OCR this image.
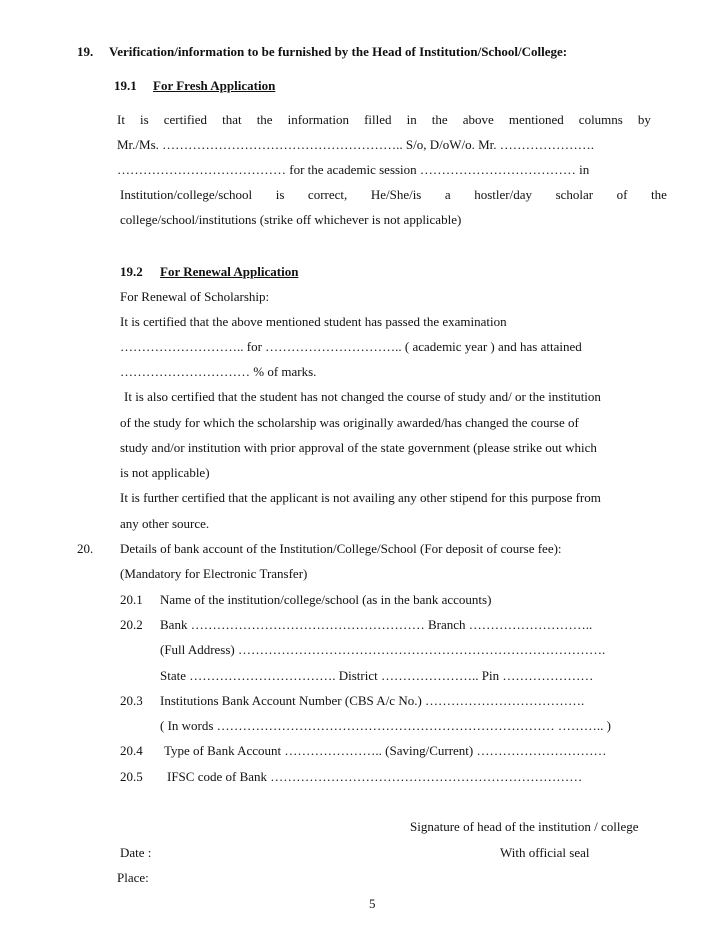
19. Verification/information to be furnished by the Head of Institution/School/College:
19.1 For Fresh Application
It is certified that the information filled in the above mentioned columns by
Mr./Ms. ……………………………………………….. S/o, D/oW/o. Mr. ………………….
………………………………… for the academic session ……………………………… in
Institution/college/school is correct, He/She/is a hostler/day scholar of the
college/school/institutions (strike off whichever is not applicable)
19.2 For Renewal Application
For Renewal of Scholarship:
It is certified that the above mentioned student has passed the examination
……………………….. for ………………………….. ( academic year ) and has attained
………………………… % of marks.
It is also certified that the student has not changed the course of study and/ or the institution
of the study for which the scholarship was originally awarded/has changed the course of
study and/or institution with prior approval of the state government (please strike out which
is not applicable)
It is further certified that the applicant is not availing any other stipend for this purpose from
any other source.
20. Details of bank account of the Institution/College/School (For deposit of course fee):
(Mandatory for Electronic Transfer)
20.1 Name of the institution/college/school (as in the bank accounts)
20.2 Bank ……………………………………………… Branch ………………………..
(Full Address) ………………………………………………………………………….
State ……………………………. District ………………….. Pin …………………
20.3 Institutions Bank Account Number (CBS A/c No.) ……………………………….
( In words …………………………………………………………………… ……….. )
20.4 Type of Bank Account ………………….. (Saving/Current) …………………………
20.5 IFSC code of Bank ………………………………………………………………
Signature of head of the institution / college
Date :	With official seal
Place:
5
